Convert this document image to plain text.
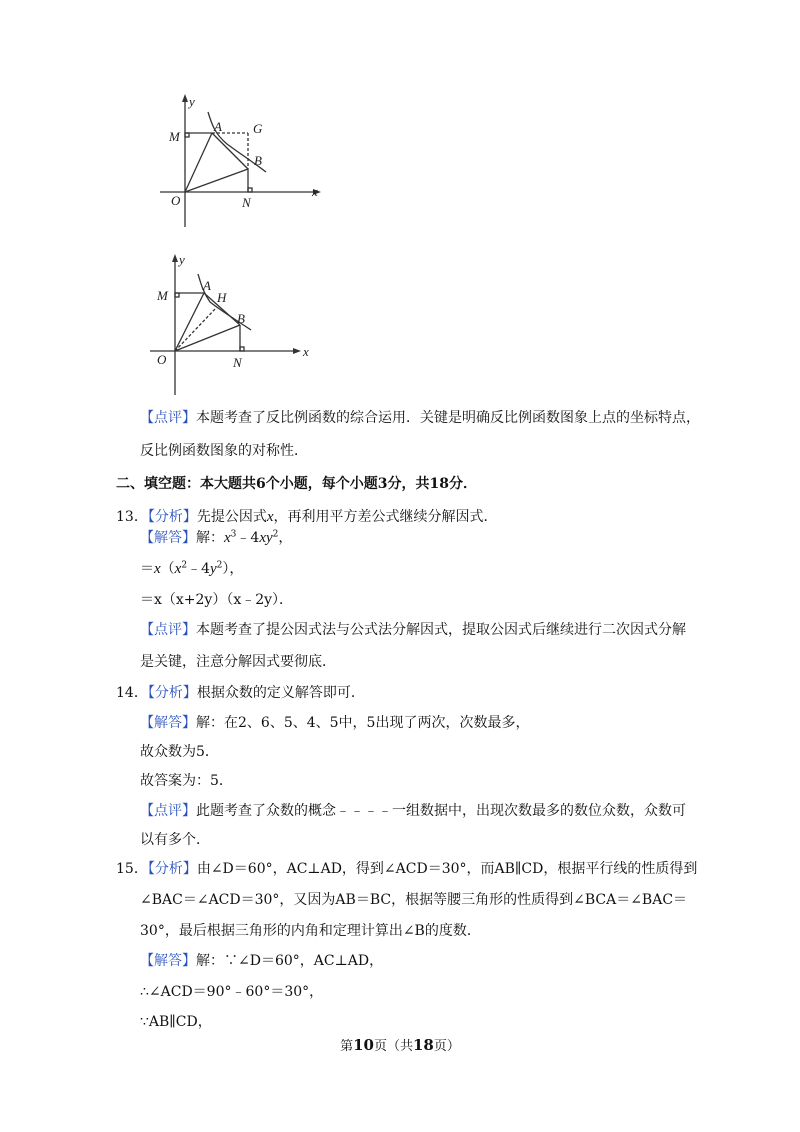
y
x
M
A G
B
O	N
y
x
M
A
H
B
O	N
【点评】本题考查了反比例函数的综合运用．关键是明确反比例函数图象上点的坐标特点，
反比例函数图象的对称性．
二、填空题：本大题共6个小题，每个小题3分，共18分．
13．【分析】先提公因式x，再利用平方差公式继续分解因式．
【解答】解：$x^3﹣4xy^2$，
$=x(x^2﹣4y^2)$，
＝x（x+2y）（x﹣2y）．
【点评】本题考查了提公因式法与公式法分解因式，提取公因式后继续进行二次因式分解
是关键，注意分解因式要彻底．
14．【分析】根据众数的定义解答即可．
【解答】解：在2、6、5、4、5中，5出现了两次，次数最多，
故众数为5．
故答案为：5．
【点评】此题考查了众数的概念﹣﹣﹣﹣一组数据中，出现次数最多的数位众数，众数可
以有多个．
15．【分析】由∠D＝60°，AC⊥AD，得到∠ACD＝30°，而AB∥CD，根据平行线的性质得到
∠BAC＝∠ACD＝30°，又因为AB＝BC，根据等腰三角形的性质得到∠BCA＝∠BAC＝
30°，最后根据三角形的内角和定理计算出∠B的度数．
【解答】解：∵∠D＝60°，AC⊥AD，
∴∠ACD＝90°﹣60°＝30°，
∵AB∥CD，
第10页（共18页）
